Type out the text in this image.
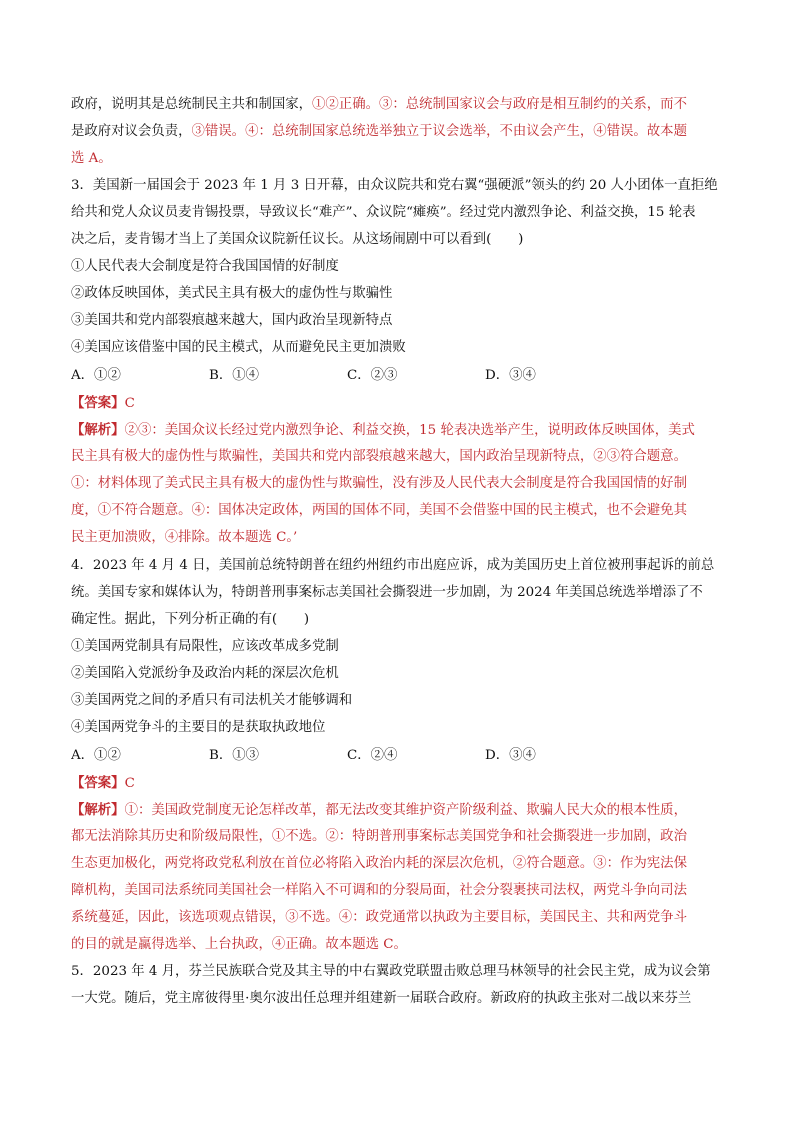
政府，说明其是总统制民主共和制国家，①②正确。③：总统制国家议会与政府是相互制约的关系，而不
是政府对议会负责，③错误。④：总统制国家总统选举独立于议会选举，不由议会产生，④错误。故本题
选 A。
3．美国新一届国会于 2023 年 1 月 3 日开幕，由众议院共和党右翼“强硬派”领头的约 20 人小团体一直拒绝
给共和党人众议员麦肯锡投票，导致议长“难产”、众议院“瘫痪”。经过党内激烈争论、利益交换，15 轮表
决之后，麦肯锡才当上了美国众议院新任议长。从这场闹剧中可以看到(　　)
①人民代表大会制度是符合我国国情的好制度
②政体反映国体，美式民主具有极大的虚伪性与欺骗性
③美国共和党内部裂痕越来越大，国内政治呈现新特点
④美国应该借鉴中国的民主模式，从而避免民主更加溃败
A．①②	B．①④	C．②③	D．③④
【答案】C
【解析】②③：美国众议长经过党内激烈争论、利益交换，15 轮表决选举产生，说明政体反映国体，美式
民主具有极大的虚伪性与欺骗性，美国共和党内部裂痕越来越大，国内政治呈现新特点，②③符合题意。
①：材料体现了美式民主具有极大的虚伪性与欺骗性，没有涉及人民代表大会制度是符合我国国情的好制
度，①不符合题意。④：国体决定政体，两国的国体不同，美国不会借鉴中国的民主模式，也不会避免其
民主更加溃败，④排除。故本题选 C。’
4．2023 年 4 月 4 日，美国前总统特朗普在纽约州纽约市出庭应诉，成为美国历史上首位被刑事起诉的前总
统。美国专家和媒体认为，特朗普刑事案标志美国社会撕裂进一步加剧，为 2024 年美国总统选举增添了不
确定性。据此，下列分析正确的有(　　)
①美国两党制具有局限性，应该改革成多党制
②美国陷入党派纷争及政治内耗的深层次危机
③美国两党之间的矛盾只有司法机关才能够调和
④美国两党争斗的主要目的是获取执政地位
A．①②	B．①③	C．②④	D．③④
【答案】C
【解析】①：美国政党制度无论怎样改革，都无法改变其维护资产阶级利益、欺骗人民大众的根本性质，
都无法消除其历史和阶级局限性，①不选。②：特朗普刑事案标志美国党争和社会撕裂进一步加剧，政治
生态更加极化，两党将政党私利放在首位必将陷入政治内耗的深层次危机，②符合题意。③：作为宪法保
障机构，美国司法系统同美国社会一样陷入不可调和的分裂局面，社会分裂裹挟司法权，两党斗争向司法
系统蔓延，因此，该选项观点错误，③不选。④：政党通常以执政为主要目标，美国民主、共和两党争斗
的目的就是赢得选举、上台执政，④正确。故本题选 C。
5．2023 年 4 月，芬兰民族联合党及其主导的中右翼政党联盟击败总理马林领导的社会民主党，成为议会第
一大党。随后，党主席彼得里·奥尔波出任总理并组建新一届联合政府。新政府的执政主张对二战以来芬兰
